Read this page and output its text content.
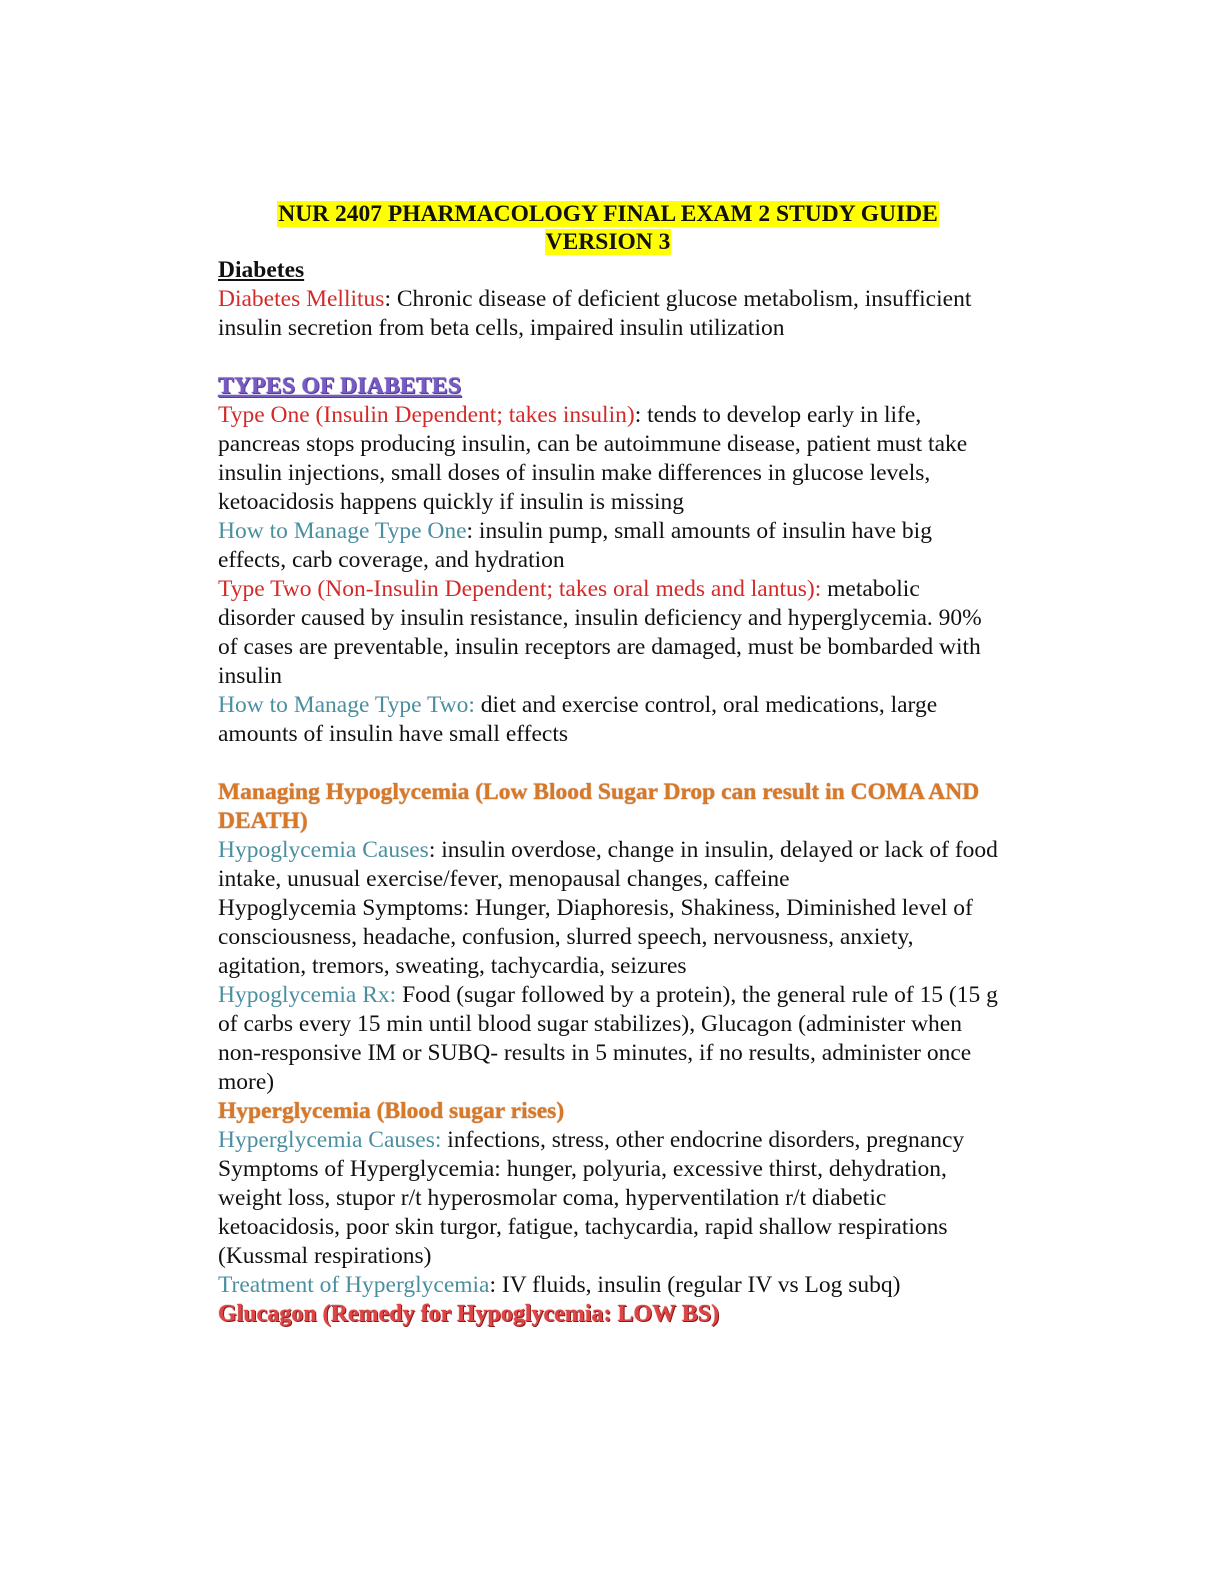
NUR 2407 PHARMACOLOGY FINAL EXAM 2 STUDY GUIDE
VERSION 3

Diabetes

Diabetes Mellitus: Chronic disease of deficient glucose metabolism, insufficient insulin secretion from beta cells, impaired insulin utilization

TYPES OF DIABETES

Type One (Insulin Dependent; takes insulin): tends to develop early in life, pancreas stops producing insulin, can be autoimmune disease, patient must take insulin injections, small doses of insulin make differences in glucose levels, ketoacidosis happens quickly if insulin is missing

How to Manage Type One: insulin pump, small amounts of insulin have big effects, carb coverage, and hydration

Type Two (Non-Insulin Dependent; takes oral meds and lantus): metabolic disorder caused by insulin resistance, insulin deficiency and hyperglycemia. 90% of cases are preventable, insulin receptors are damaged, must be bombarded with insulin

How to Manage Type Two: diet and exercise control, oral medications, large amounts of insulin have small effects

Managing Hypoglycemia (Low Blood Sugar Drop can result in COMA AND DEATH)

Hypoglycemia Causes: insulin overdose, change in insulin, delayed or lack of food intake, unusual exercise/fever, menopausal changes, caffeine

Hypoglycemia Symptoms: Hunger, Diaphoresis, Shakiness, Diminished level of consciousness, headache, confusion, slurred speech, nervousness, anxiety, agitation, tremors, sweating, tachycardia, seizures

Hypoglycemia Rx: Food (sugar followed by a protein), the general rule of 15 (15 g of carbs every 15 min until blood sugar stabilizes), Glucagon (administer when non-responsive IM or SUBQ- results in 5 minutes, if no results, administer once more)

Hyperglycemia (Blood sugar rises)

Hyperglycemia Causes: infections, stress, other endocrine disorders, pregnancy

Symptoms of Hyperglycemia: hunger, polyuria, excessive thirst, dehydration, weight loss, stupor r/t hyperosmolar coma, hyperventilation r/t diabetic ketoacidosis, poor skin turgor, fatigue, tachycardia, rapid shallow respirations (Kussmal respirations)

Treatment of Hyperglycemia: IV fluids, insulin (regular IV vs Log subq)

Glucagon (Remedy for Hypoglycemia: LOW BS)
